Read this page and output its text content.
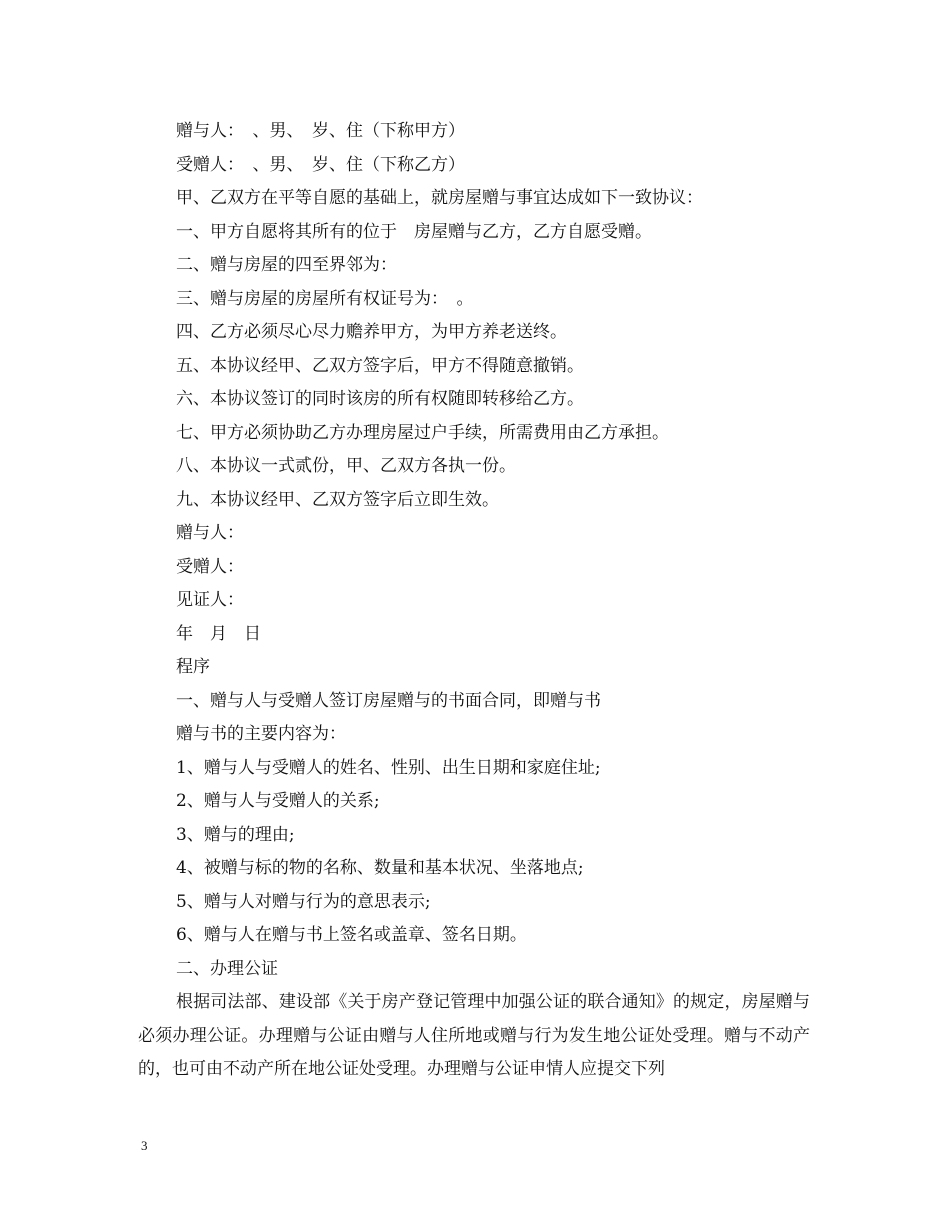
赠与人：　、男、　岁、住（下称甲方）
受赠人：　、男、　岁、住（下称乙方）
甲、乙双方在平等自愿的基础上，就房屋赠与事宜达成如下一致协议：
一、甲方自愿将其所有的位于　房屋赠与乙方，乙方自愿受赠。
二、赠与房屋的四至界邻为：
三、赠与房屋的房屋所有权证号为：　。
四、乙方必须尽心尽力赡养甲方，为甲方养老送终。
五、本协议经甲、乙双方签字后，甲方不得随意撤销。
六、本协议签订的同时该房的所有权随即转移给乙方。
七、甲方必须协助乙方办理房屋过户手续，所需费用由乙方承担。
八、本协议一式贰份，甲、乙双方各执一份。
九、本协议经甲、乙双方签字后立即生效。
赠与人：
受赠人：
见证人：
年　月　日
程序
一、赠与人与受赠人签订房屋赠与的书面合同，即赠与书
赠与书的主要内容为：
1、赠与人与受赠人的姓名、性别、出生日期和家庭住址;
2、赠与人与受赠人的关系;
3、赠与的理由;
4、被赠与标的物的名称、数量和基本状况、坐落地点;
5、赠与人对赠与行为的意思表示;
6、赠与人在赠与书上签名或盖章、签名日期。
二、办理公证

根据司法部、建设部《关于房产登记管理中加强公证的联合通知》的规定，房屋赠与必须办理公证。办理赠与公证由赠与人住所地或赠与行为发生地公证处受理。赠与不动产的，也可由不动产所在地公证处受理。办理赠与公证申情人应提交下列

3
